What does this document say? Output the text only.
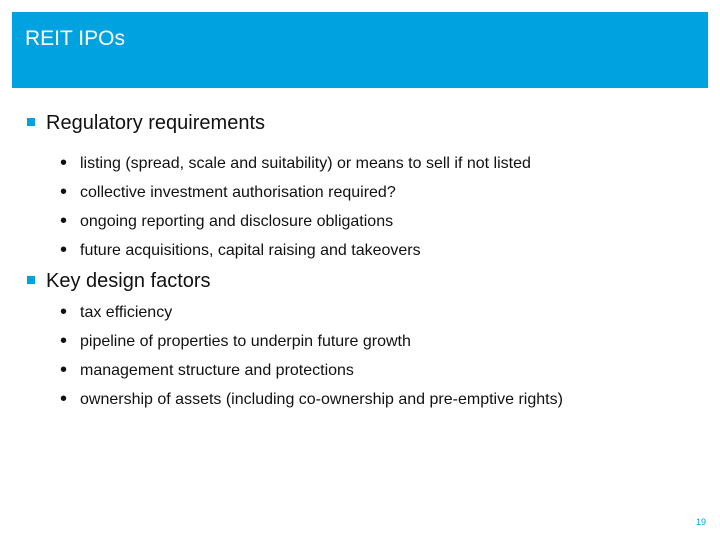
REIT IPOs
Regulatory requirements
• listing (spread, scale and suitability) or means to sell if not listed
• collective investment authorisation required?
• ongoing reporting and disclosure obligations
• future acquisitions, capital raising and takeovers
Key design factors
• tax efficiency
• pipeline of properties to underpin future growth
• management structure and protections
• ownership of assets (including co-ownership and pre-emptive rights)
19
